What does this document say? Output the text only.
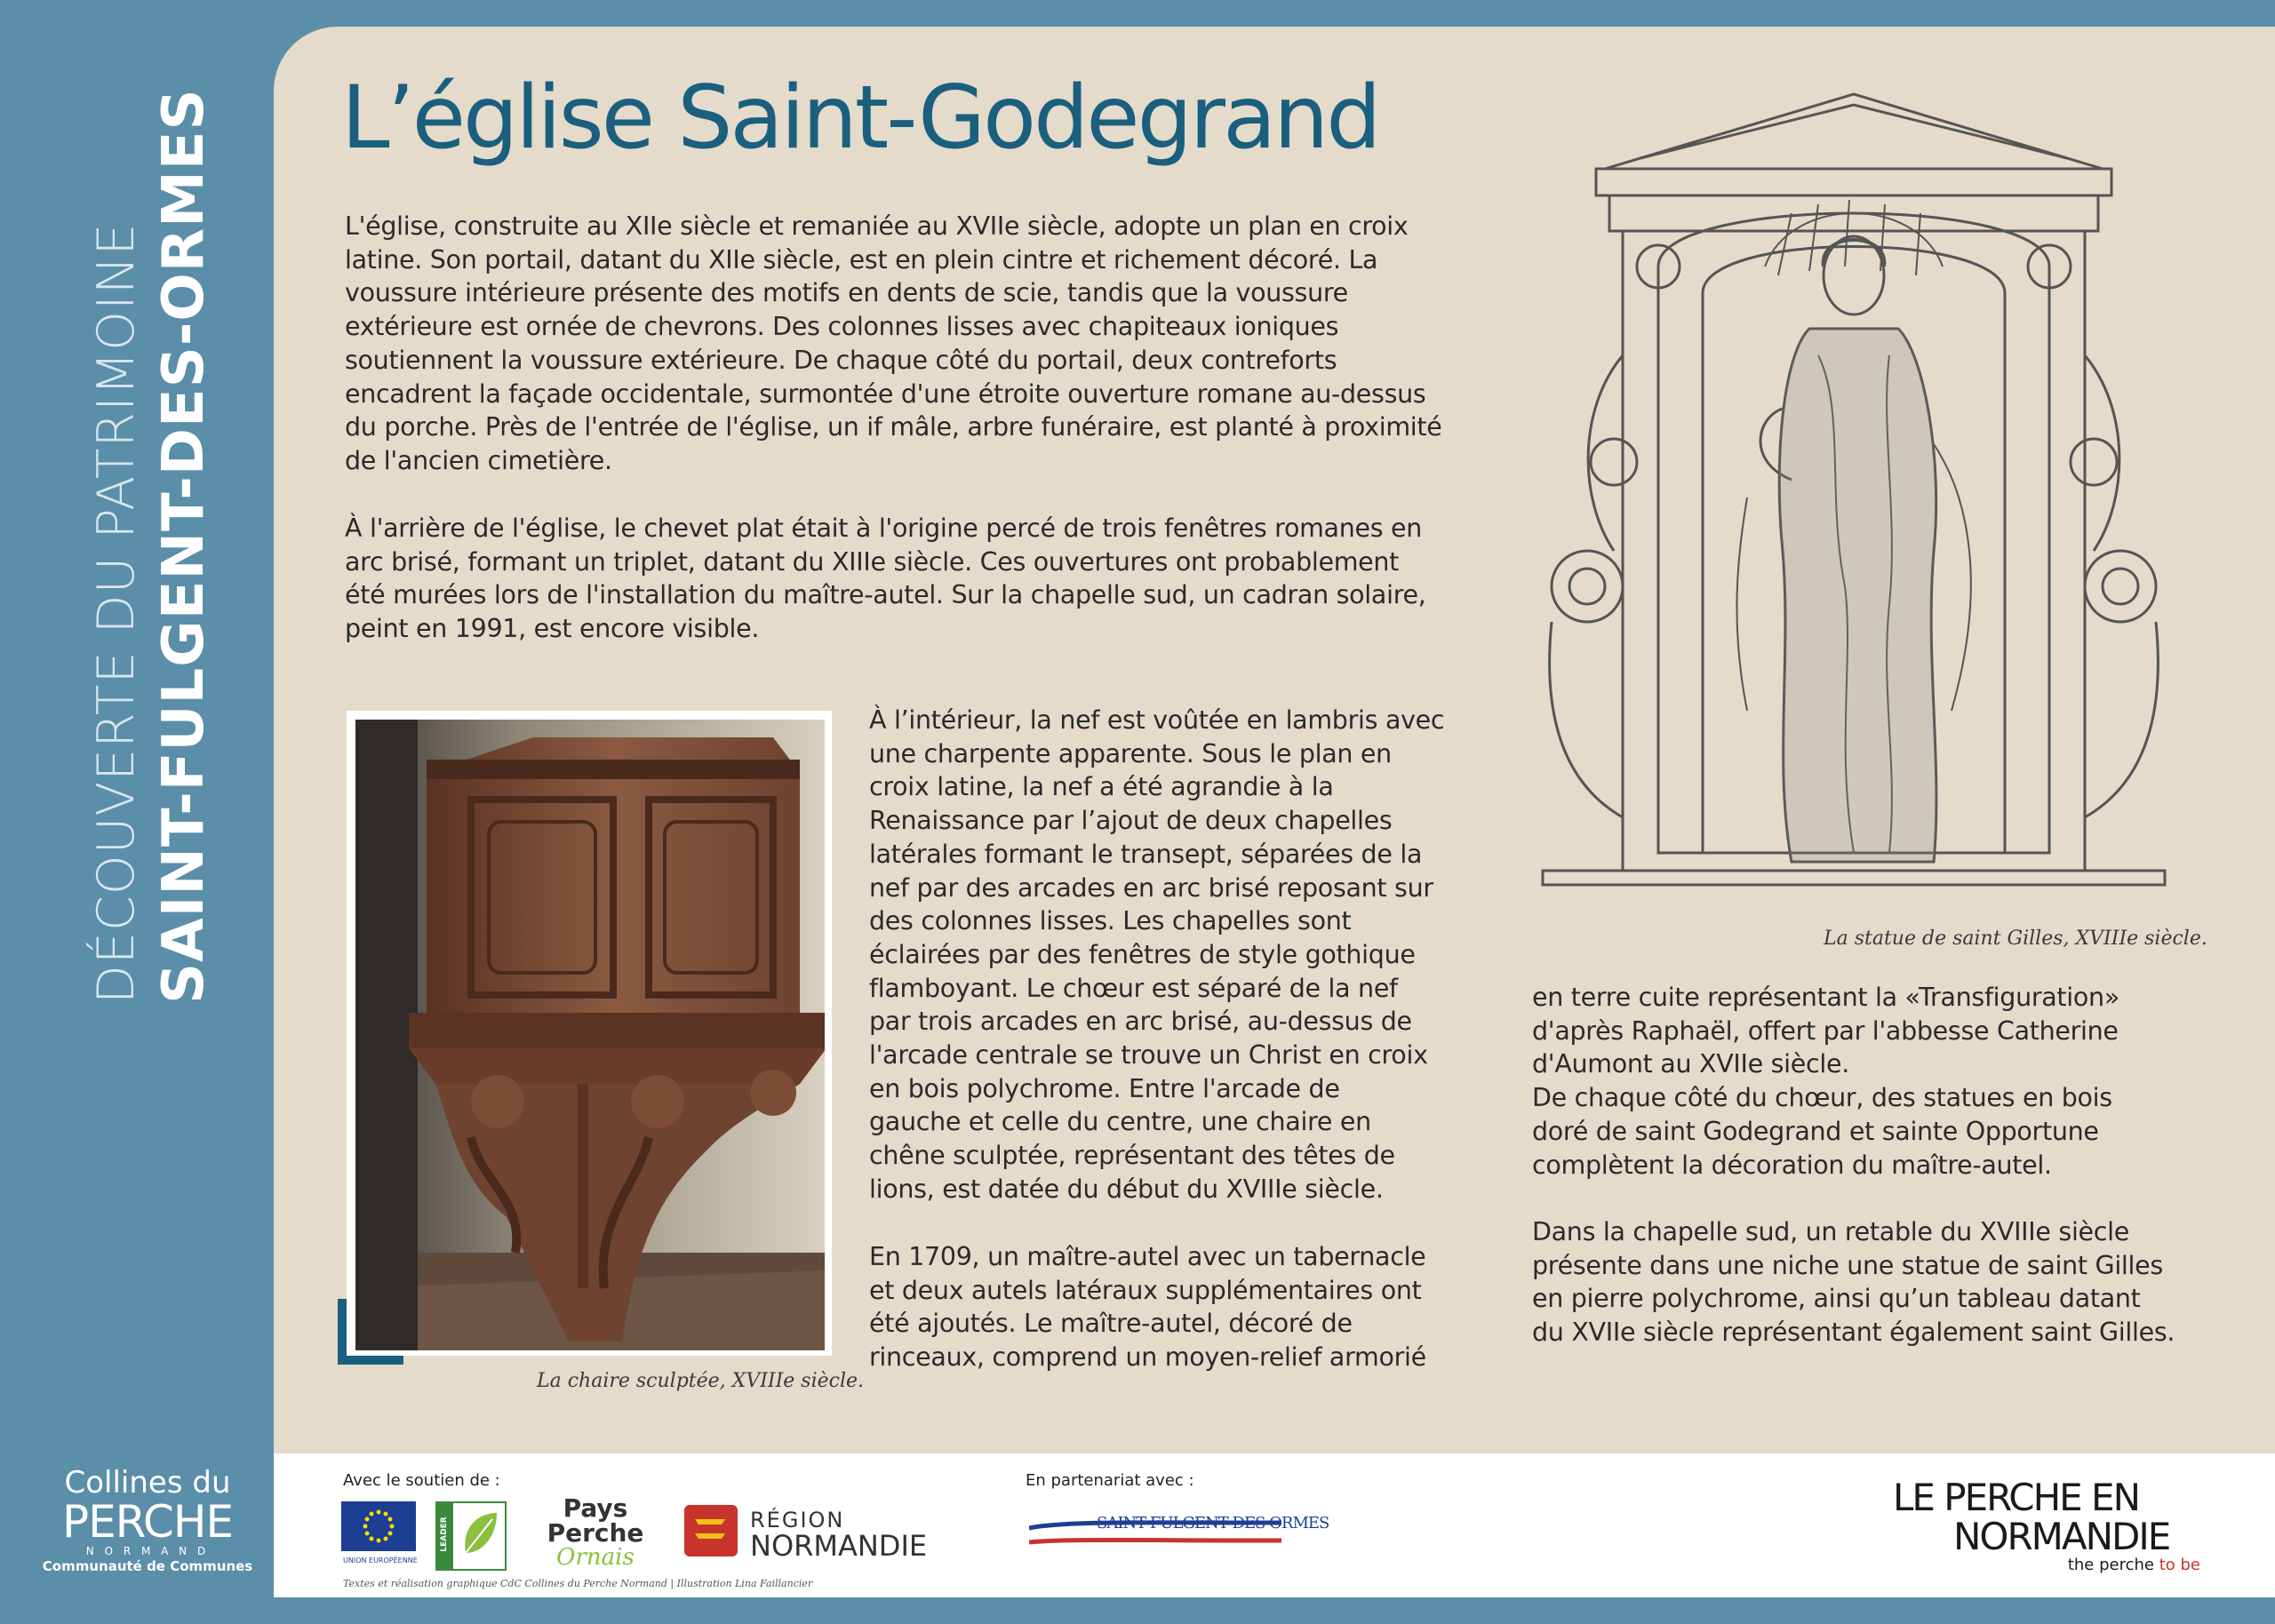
DÉCOUVERTE DU PATRIMOINE SAINT-FULGENT-DES-ORMES
Collines du
PERCHE
N O R M A N D
Communauté de Communes
L’église Saint-Godegrand

L'église, construite au XIIe siècle et remaniée au XVIIe siècle, adopte un plan en croix
latine. Son portail, datant du XIIe siècle, est en plein cintre et richement décoré. La
voussure intérieure présente des motifs en dents de scie, tandis que la voussure
extérieure est ornée de chevrons. Des colonnes lisses avec chapiteaux ioniques
soutiennent la voussure extérieure. De chaque côté du portail, deux contreforts
encadrent la façade occidentale, surmontée d'une étroite ouverture romane au-dessus
du porche. Près de l'entrée de l'église, un if mâle, arbre funéraire, est planté à proximité
de l'ancien cimetière.

À l'arrière de l'église, le chevet plat était à l'origine percé de trois fenêtres romanes en
arc brisé, formant un triplet, datant du XIIIe siècle. Ces ouvertures ont probablement
été murées lors de l'installation du maître-autel. Sur la chapelle sud, un cadran solaire,
peint en 1991, est encore visible.

À l’intérieur, la nef est voûtée en lambris avec
une charpente apparente. Sous le plan en
croix latine, la nef a été agrandie à la
Renaissance par l’ajout de deux chapelles
latérales formant le transept, séparées de la
nef par des arcades en arc brisé reposant sur
des colonnes lisses. Les chapelles sont
éclairées par des fenêtres de style gothique
flamboyant. Le chœur est séparé de la nef
par trois arcades en arc brisé, au-dessus de
l'arcade centrale se trouve un Christ en croix
en bois polychrome. Entre l'arcade de
gauche et celle du centre, une chaire en
chêne sculptée, représentant des têtes de
lions, est datée du début du XVIIIe siècle.

En 1709, un maître-autel avec un tabernacle
et deux autels latéraux supplémentaires ont
été ajoutés. Le maître-autel, décoré de
rinceaux, comprend un moyen-relief armorié

en terre cuite représentant la «Transfiguration»
d'après Raphaël, offert par l'abbesse Catherine
d'Aumont au XVIIe siècle.
De chaque côté du chœur, des statues en bois
doré de saint Godegrand et sainte Opportune
complètent la décoration du maître-autel.

Dans la chapelle sud, un retable du XVIIIe siècle
présente dans une niche une statue de saint Gilles
en pierre polychrome, ainsi qu’un tableau datant
du XVIIe siècle représentant également saint Gilles.

La chaire sculptée, XVIIIe siècle.
La statue de saint Gilles, XVIIIe siècle.
Avec le soutien de :	En partenariat avec :
UNION EUROPÉENNE
LEADER
Pays
Perche
Ornais
RÉGION
NORMANDIE
SAINT FULGENT DES ORMES
Textes et réalisation graphique CdC Collines du Perche Normand | Illustration Lina Faillancier
LE PERCHE EN
NORMANDIE
the perche to be
